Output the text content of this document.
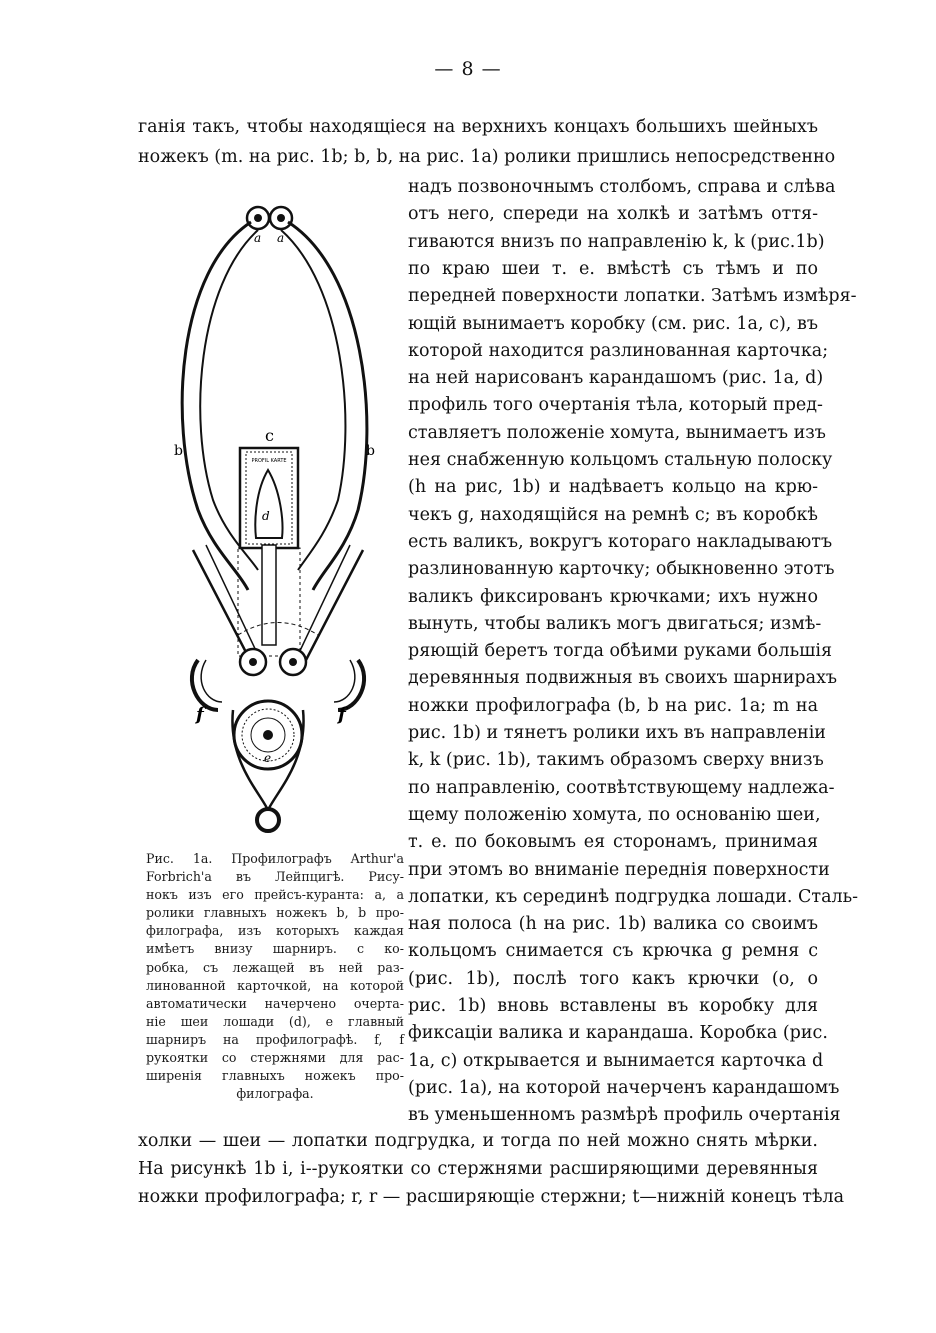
— 8 —
ганія такъ, чтобы находящіеся на верхнихъ концахъ большихъ шейныхъ
ножекъ (m. на рис. 1b; b, b, на рис. 1a) ролики пришлись непосредственно
надъ позвоночнымъ столбомъ, справа и слѣва
отъ него, спереди на холкѣ и затѣмъ оття-
гиваются внизъ по направленію k, k (рис.1b)
по краю шеи т. е. вмѣстѣ съ тѣмъ и по
передней поверхности лопатки. Затѣмъ измѣря-
ющій вынимаетъ коробку (см. рис. 1a, c), въ
которой находится разлинованная карточка;
на ней нарисованъ карандашомъ (рис. 1a, d)
профиль того очертанія тѣла, который пред-
ставляетъ положеніе хомута, вынимаетъ изъ
нея снабженную кольцомъ стальную полоску
(h на рис, 1b) и надѣваетъ кольцо на крю-
чекъ g, находящійся на ремнѣ c; въ коробкѣ
есть валикъ, вокругъ котораго накладываютъ
разлинованную карточку; обыкновенно этотъ
валикъ фиксированъ крючками; ихъ нужно
вынуть, чтобы валикъ могъ двигаться; измѣ-
ряющій беретъ тогда обѣими руками большія
деревянныя подвижныя въ своихъ шарнирахъ
ножки профилографа (b, b на рис. 1a; m на
рис. 1b) и тянетъ ролики ихъ въ направленіи
k, k (рис. 1b), такимъ образомъ сверху внизъ
по направленію, соотвѣтствующему надлежа-
щему положенію хомута, по основанію шеи,
т. е. по боковымъ ея сторонамъ, принимая
при этомъ во вниманіе переднія поверхности
лопатки, къ серединѣ подгрудка лошади. Сталь-
ная полоса (h на рис. 1b) валика со своимъ
кольцомъ снимается съ крючка g ремня c
(рис. 1b), послѣ того какъ крючки (o, o
рис. 1b) вновь вставлены въ коробку для
фиксаціи валика и карандаша. Коробка (рис.
1a, c) открывается и вынимается карточка d
(рис. 1a), на которой начерченъ карандашомъ
въ уменьшенномъ размѣрѣ профиль очертанія
холки — шеи — лопатки подгрудка, и тогда по ней можно снять мѣрки.
На рисункѣ 1b i, i--рукоятки со стержнями расширяющими деревянныя
ножки профилографа; r, r — расширяющіе стержни; t—нижній конецъ тѣла
a a
b	b
c
PROFIL KARTE
d
f	f
e
Рис. 1a. Профилографъ Arthur'a
Forbrich'a въ Лейпцигѣ. Рису-
нокъ изъ его прейсъ-куранта: a, a
ролики главныхъ ножекъ b, b про-
филографа, изъ которыхъ каждая
имѣетъ внизу шарниръ. c ко-
робка, съ лежащей въ ней раз-
линованной карточкой, на которой
автоматически начерчено очерта-
ніе шеи лошади (d), e главный
шарниръ на профилографѣ. f, f
рукоятки со стержнями для рас-
ширенія главныхъ ножекъ про-
филографа.
